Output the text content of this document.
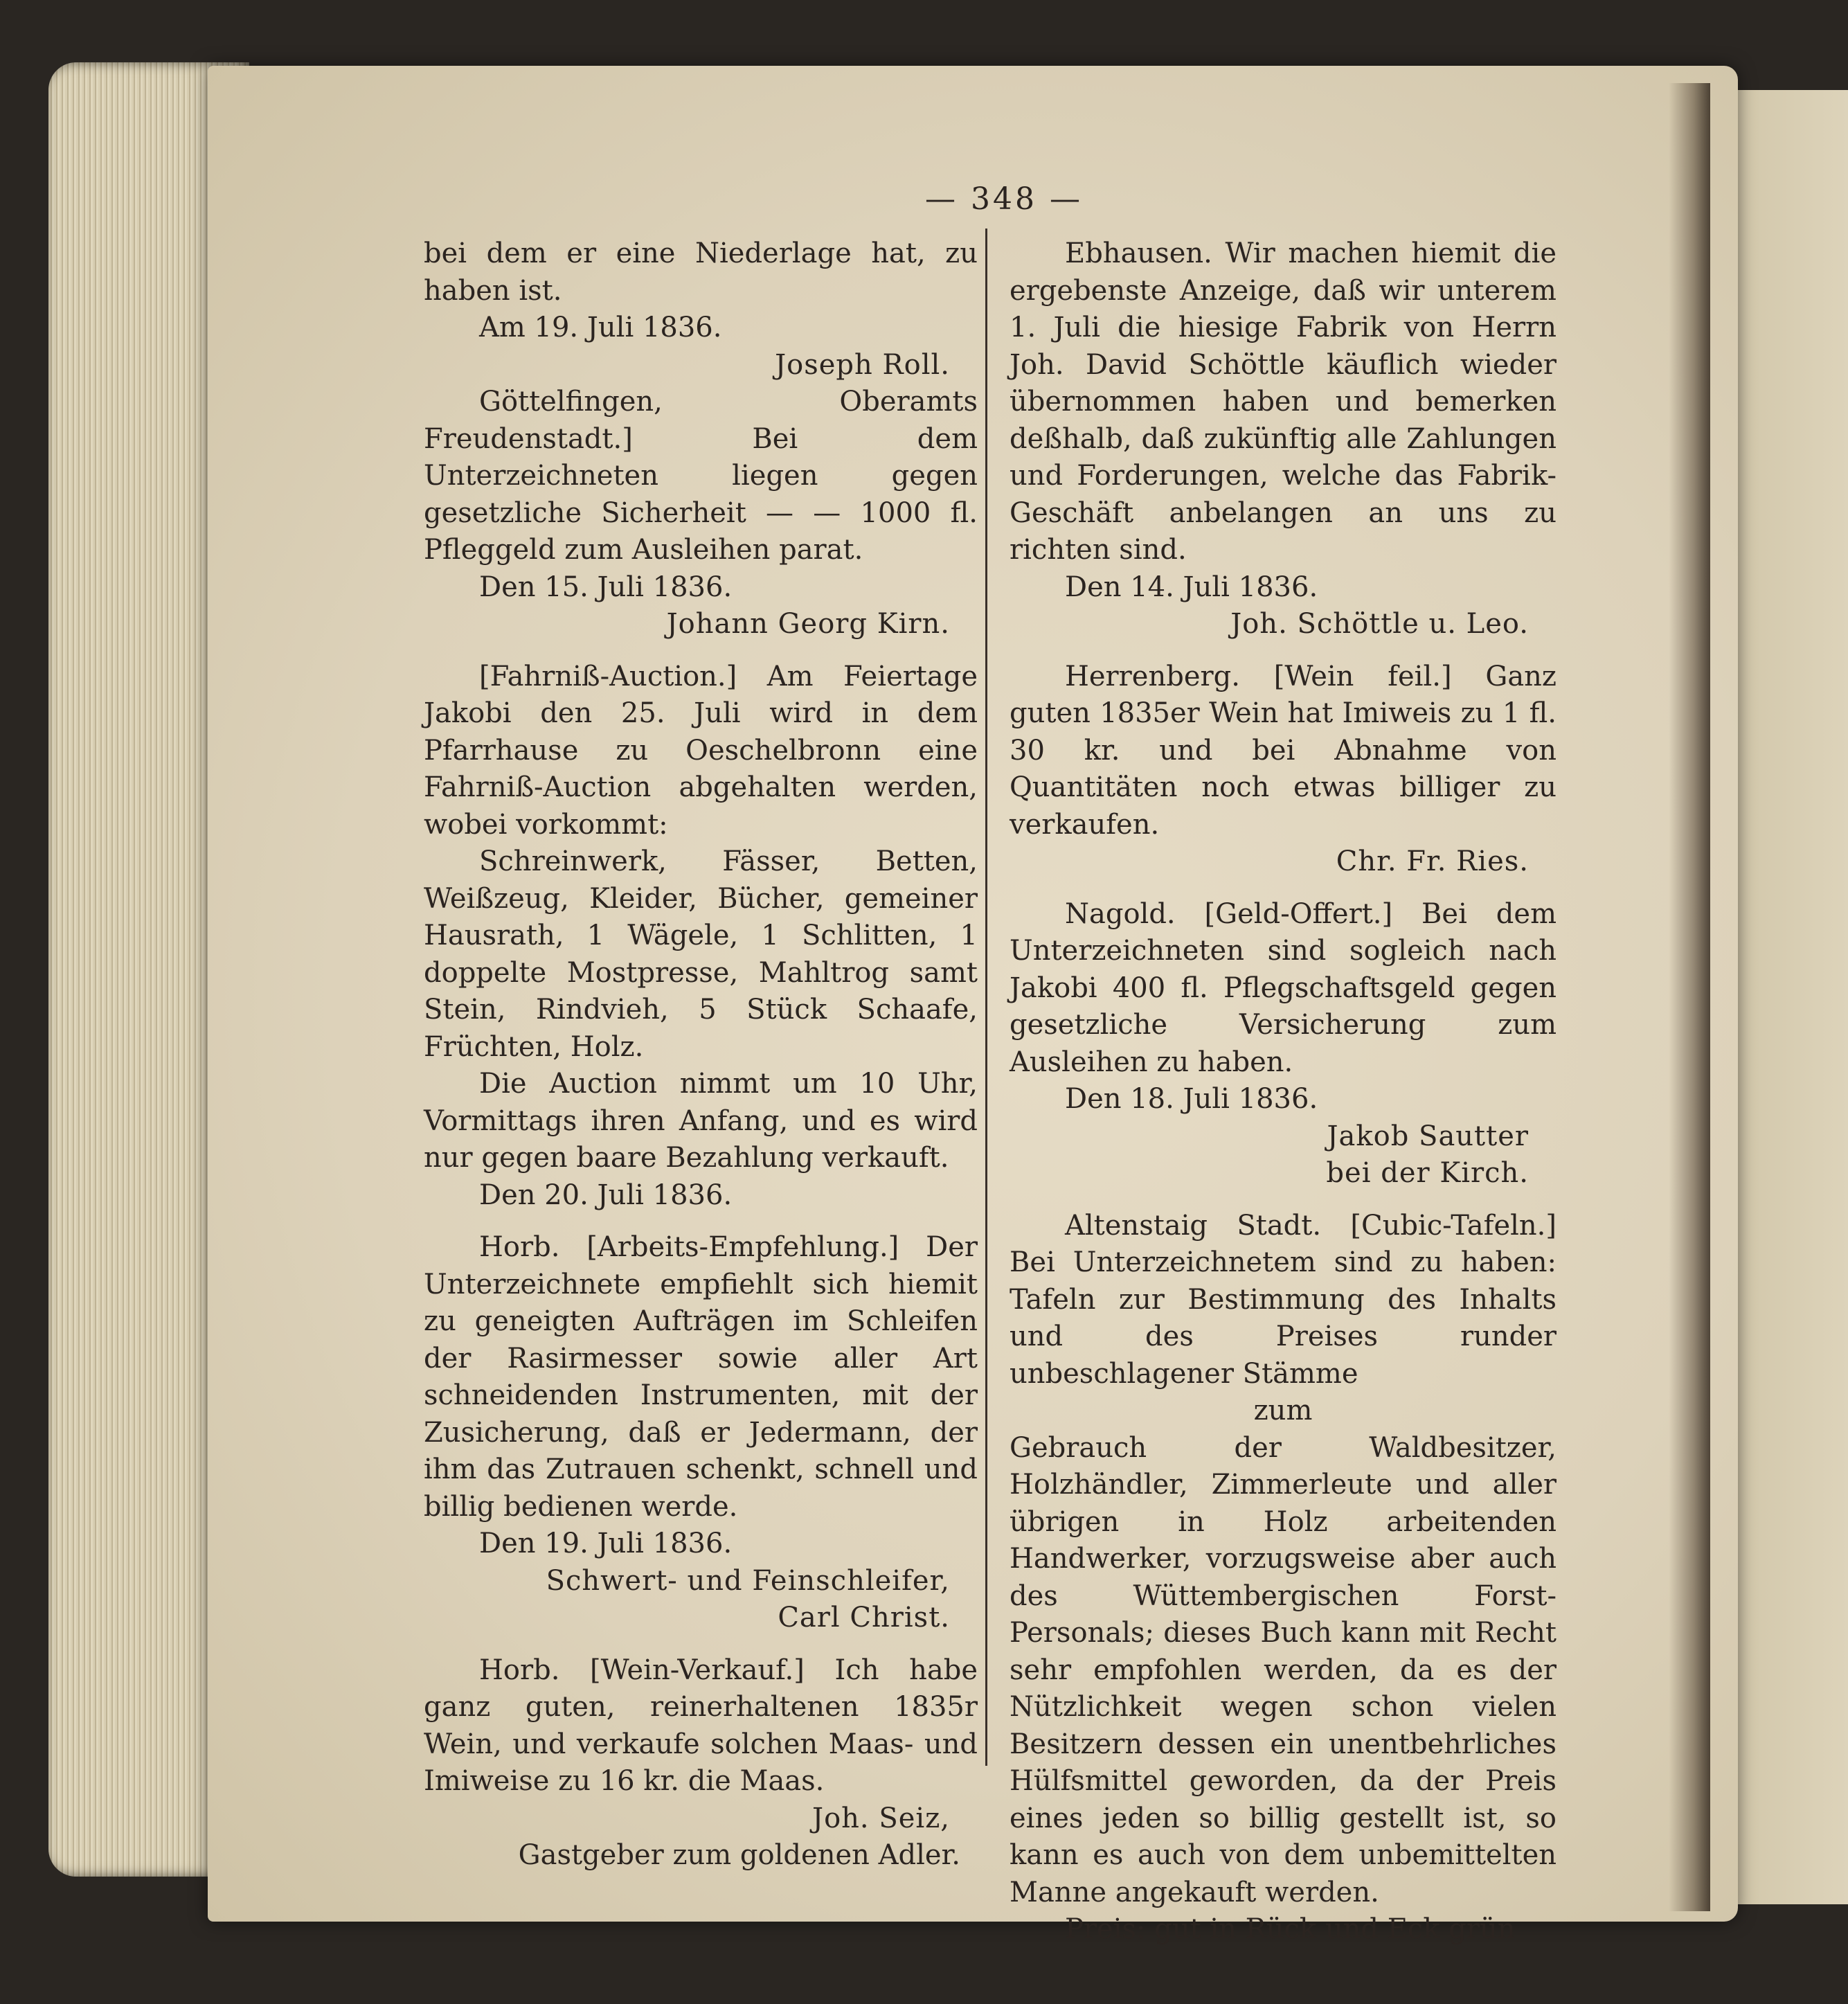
— 348 —

bei dem er eine Niederlage hat, zu haben ist.

Am 19. Juli 1836.

Joseph Roll.

Göttelfingen, Oberamts Freudenstadt.] Bei dem Unterzeichneten liegen gegen gesetzliche Sicherheit — — 1000 fl. Pfleggeld zum Ausleihen parat.

Den 15. Juli 1836.

Johann Georg Kirn.

[Fahrniß-Auction.] Am Feiertage Jakobi den 25. Juli wird in dem Pfarrhause zu Oeschelbronn eine Fahrniß-Auction abgehalten werden, wobei vorkommt:

Schreinwerk, Fässer, Betten, Weißzeug, Kleider, Bücher, gemeiner Hausrath, 1 Wägele, 1 Schlitten, 1 doppelte Mostpresse, Mahltrog samt Stein, Rindvieh, 5 Stück Schaafe, Früchten, Holz.

Die Auction nimmt um 10 Uhr, Vormittags ihren Anfang, und es wird nur gegen baare Bezahlung verkauft.

Den 20. Juli 1836.

Horb. [Arbeits-Empfehlung.] Der Unterzeichnete empfiehlt sich hiemit zu geneigten Aufträgen im Schleifen der Rasirmesser sowie aller Art schneidenden Instrumenten, mit der Zusicherung, daß er Jedermann, der ihm das Zutrauen schenkt, schnell und billig bedienen werde.

Den 19. Juli 1836.

Schwert- und Feinschleifer,

Carl Christ.

Horb. [Wein-Verkauf.] Ich habe ganz guten, reinerhaltenen 1835r Wein, und verkaufe solchen Maas- und Imiweise zu 16 kr. die Maas.

Joh. Seiz,

Gastgeber zum goldenen Adler.

Ebhausen. Wir machen hiemit die ergebenste Anzeige, daß wir unterem 1. Juli die hiesige Fabrik von Herrn Joh. David Schöttle käuflich wieder übernommen haben und bemerken deßhalb, daß zukünftig alle Zahlungen und Forderungen, welche das Fabrik-Geschäft anbelangen an uns zu richten sind.

Den 14. Juli 1836.

Joh. Schöttle u. Leo.

Herrenberg. [Wein feil.] Ganz guten 1835er Wein hat Imiweis zu 1 fl. 30 kr. und bei Abnahme von Quantitäten noch etwas billiger zu verkaufen.

Chr. Fr. Ries.

Nagold. [Geld-Offert.] Bei dem Unterzeichneten sind sogleich nach Jakobi 400 fl. Pflegschaftsgeld gegen gesetzliche Versicherung zum Ausleihen zu haben.

Den 18. Juli 1836.

Jakob Sautter

bei der Kirch.

Altenstaig Stadt. [Cubic-Tafeln.] Bei Unterzeichnetem sind zu haben: Tafeln zur Bestimmung des Inhalts und des Preises runder unbeschlagener Stämme

zum

Gebrauch der Waldbesitzer, Holzhändler, Zimmerleute und aller übrigen in Holz arbeitenden Handwerker, vorzugsweise aber auch des Wüttembergischen Forst-Personals; dieses Buch kann mit Recht sehr empfohlen werden, da es der Nützlichkeit wegen schon vielen Besitzern dessen ein unentbehrliches Hülfsmittel geworden, da der Preis eines jeden so billig gestellt ist, so kann es auch von dem unbemittelten Manne angekauft werden.

Preis: gut in Rück und Eck grün
